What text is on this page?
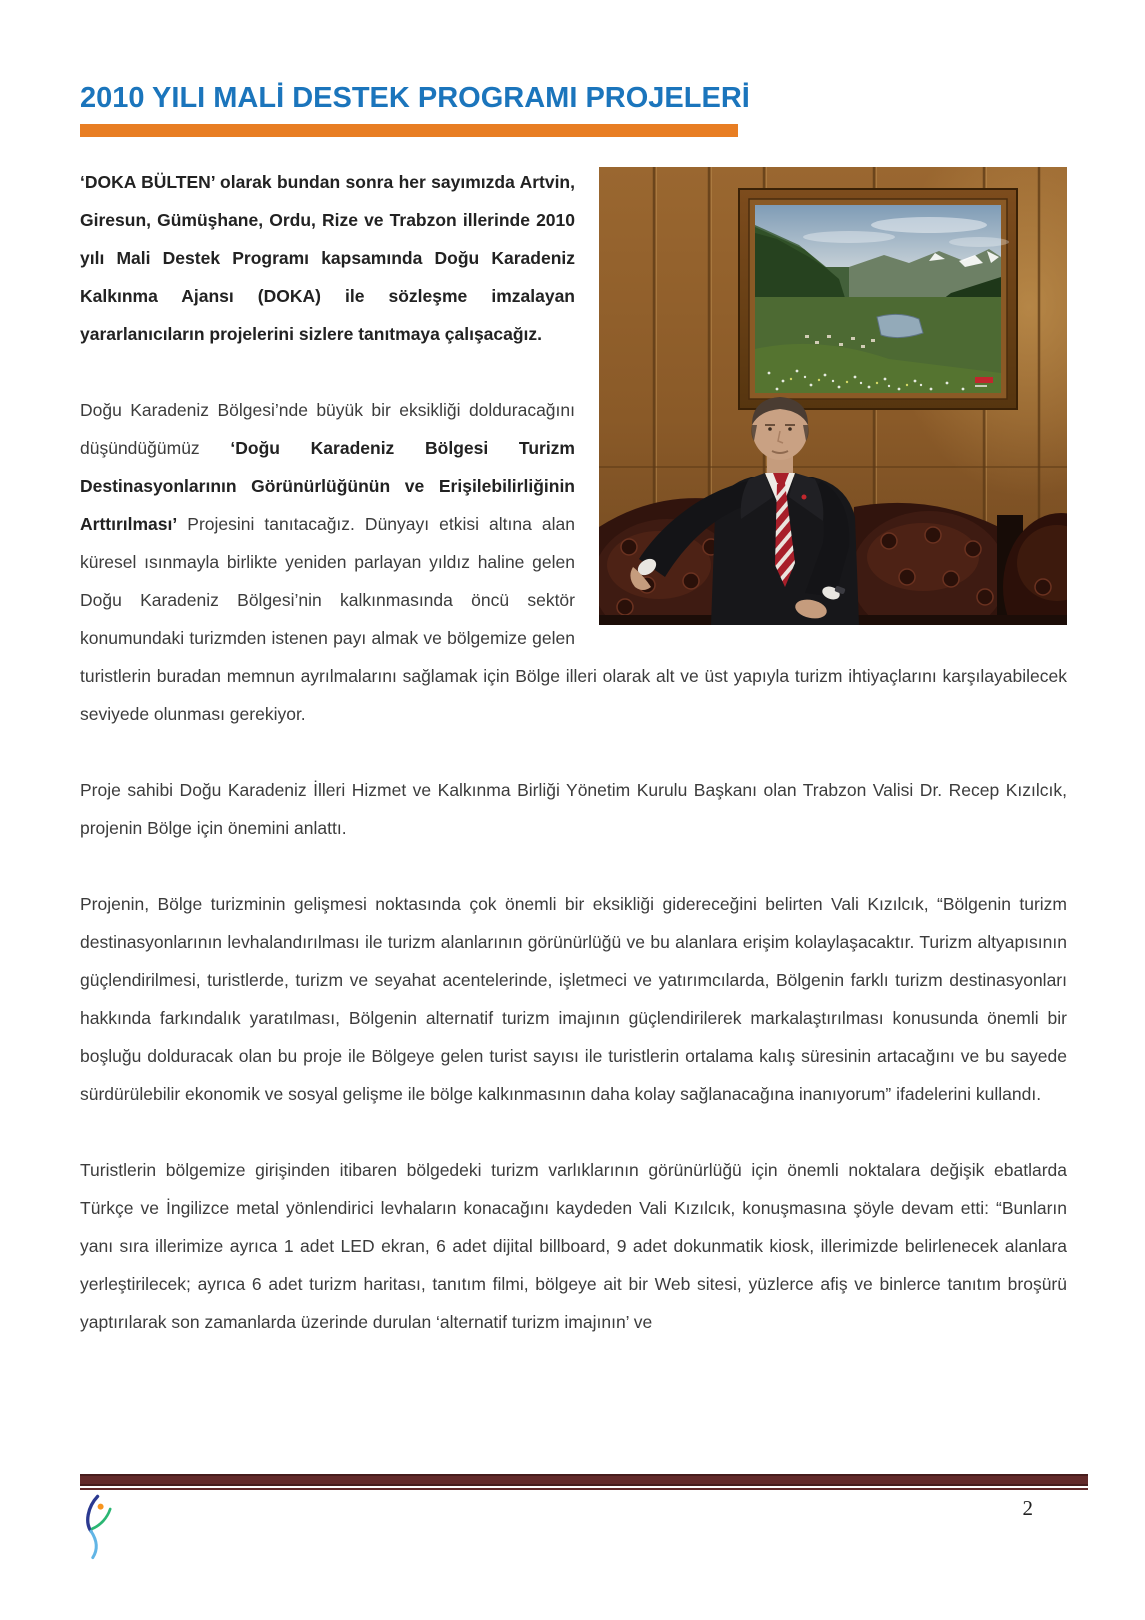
2010 YILI MALİ DESTEK PROGRAMI PROJELERİ

‘DOKA BÜLTEN’ olarak bundan sonra her sayımızda Artvin, Giresun, Gümüşhane, Ordu, Rize ve Trabzon illerinde 2010 yılı Mali Destek Programı kapsamında Doğu Karadeniz Kalkınma Ajansı (DOKA) ile sözleşme imzalayan yararlanıcıların projelerini sizlere tanıtmaya çalışacağız.

Doğu Karadeniz Bölgesi’nde büyük bir eksikliği dolduracağını düşündüğümüz ‘Doğu Karadeniz Bölgesi Turizm Destinasyonlarının Görünürlüğünün ve Erişilebilirliğinin Arttırılması’ Projesini tanıtacağız. Dünyayı etkisi altına alan küresel ısınmayla birlikte yeniden parlayan yıldız haline gelen Doğu Karadeniz Bölgesi’nin kalkınmasında öncü sektör konumundaki turizmden istenen payı almak ve bölgemize gelen turistlerin buradan memnun ayrılmalarını sağlamak için Bölge illeri olarak alt ve üst yapıyla turizm ihtiyaçlarını karşılayabilecek seviyede olunması gerekiyor.

Proje sahibi Doğu Karadeniz İlleri Hizmet ve Kalkınma Birliği Yönetim Kurulu Başkanı olan Trabzon Valisi Dr. Recep Kızılcık, projenin Bölge için önemini anlattı.

Projenin, Bölge turizminin gelişmesi noktasında çok önemli bir eksikliği gidereceğini belirten Vali Kızılcık, “Bölgenin turizm destinasyonlarının levhalandırılması ile turizm alanlarının görünürlüğü ve bu alanlara erişim kolaylaşacaktır. Turizm altyapısının güçlendirilmesi, turistlerde, turizm ve seyahat acentelerinde, işletmeci ve yatırımcılarda, Bölgenin farklı turizm destinasyonları hakkında farkındalık yaratılması, Bölgenin alternatif turizm imajının güçlendirilerek markalaştırılması konusunda önemli bir boşluğu dolduracak olan bu proje ile Bölgeye gelen turist sayısı ile turistlerin ortalama kalış süresinin artacağını ve bu sayede sürdürülebilir ekonomik ve sosyal gelişme ile bölge kalkınmasının daha kolay sağlanacağına inanıyorum” ifadelerini kullandı.

Turistlerin bölgemize girişinden itibaren bölgedeki turizm varlıklarının görünürlüğü için önemli noktalara değişik ebatlarda Türkçe ve İngilizce metal yönlendirici levhaların konacağını kaydeden Vali Kızılcık, konuşmasına şöyle devam etti: “Bunların yanı sıra illerimize ayrıca 1 adet LED ekran, 6 adet dijital billboard, 9 adet dokunmatik kiosk, illerimizde belirlenecek alanlara yerleştirilecek; ayrıca 6 adet turizm haritası, tanıtım filmi, bölgeye ait bir Web sitesi, yüzlerce afiş ve binlerce tanıtım broşürü yaptırılarak son zamanlarda üzerinde durulan ‘alternatif turizm imajının’ ve

2
